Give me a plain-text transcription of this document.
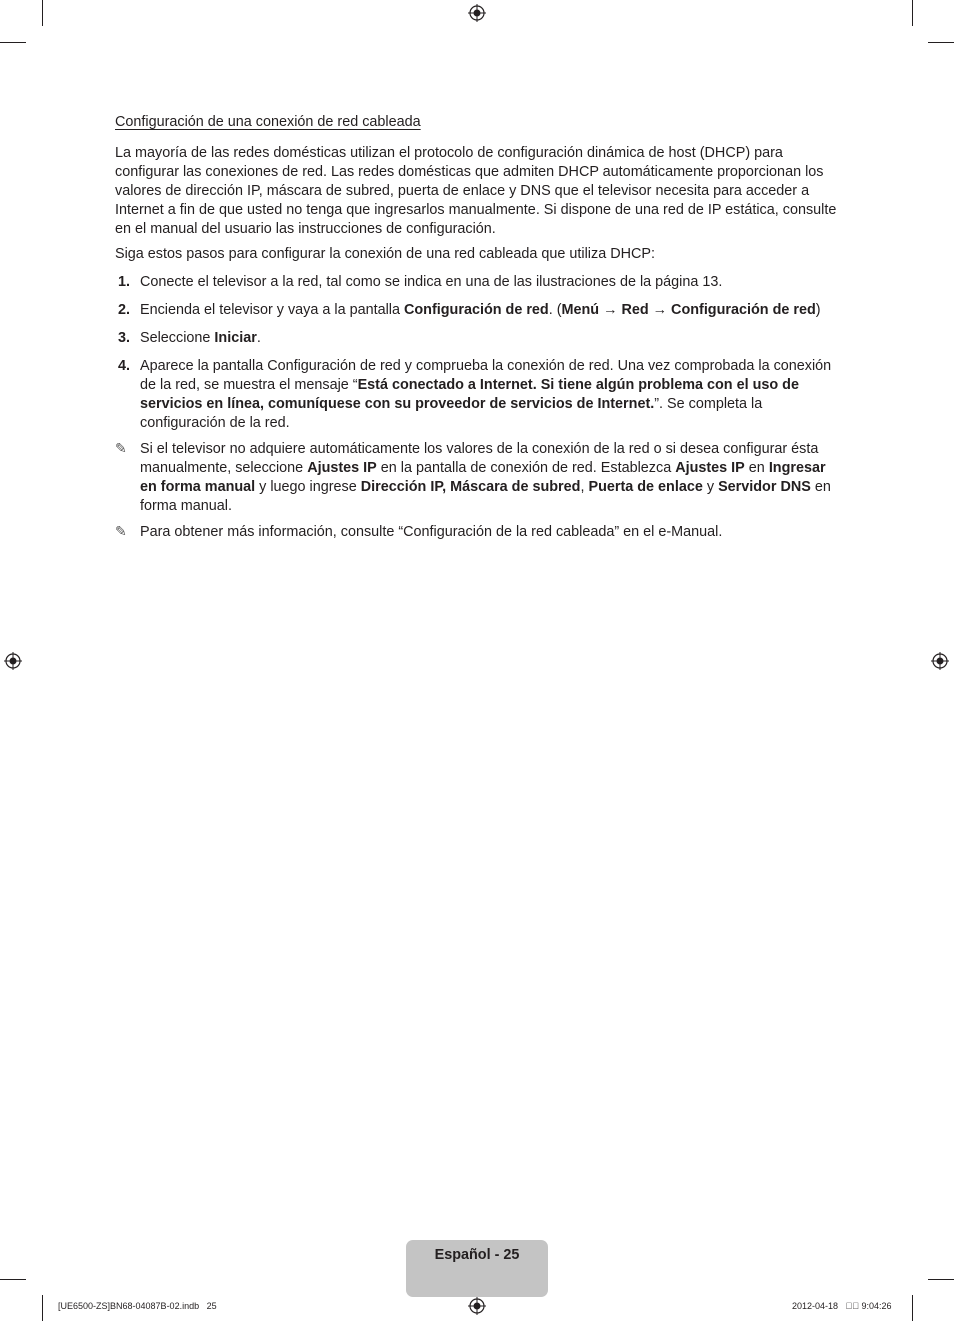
Configuración de una conexión de red cableada

La mayoría de las redes domésticas utilizan el protocolo de configuración dinámica de host (DHCP) para configurar las conexiones de red. Las redes domésticas que admiten DHCP automáticamente proporcionan los valores de dirección IP, máscara de subred, puerta de enlace y DNS que el televisor necesita para acceder a Internet a fin de que usted no tenga que ingresarlos manualmente. Si dispone de una red de IP estática, consulte en el manual del usuario las instrucciones de configuración.

Siga estos pasos para configurar la conexión de una red cableada que utiliza DHCP:

1. Conecte el televisor a la red, tal como se indica en una de las ilustraciones de la página 13.
2. Encienda el televisor y vaya a la pantalla Configuración de red. (Menú → Red → Configuración de red)
3. Seleccione Iniciar.
4. Aparece la pantalla Configuración de red y comprueba la conexión de red. Una vez comprobada la conexión de la red, se muestra el mensaje “Está conectado a Internet. Si tiene algún problema con el uso de servicios en línea, comuníquese con su proveedor de servicios de Internet.”. Se completa la configuración de la red.
✎ Si el televisor no adquiere automáticamente los valores de la conexión de la red o si desea configurar ésta manualmente, seleccione Ajustes IP en la pantalla de conexión de red. Establezca Ajustes IP en Ingresar en forma manual y luego ingrese Dirección IP, Máscara de subred, Puerta de enlace y Servidor DNS en forma manual.
✎ Para obtener más información, consulte “Configuración de la red cableada” en el e-Manual.
Español - 25
[UE6500-ZS]BN68-04087B-02.indb   25	2012-04-18   ￿￿ 9:04:26
